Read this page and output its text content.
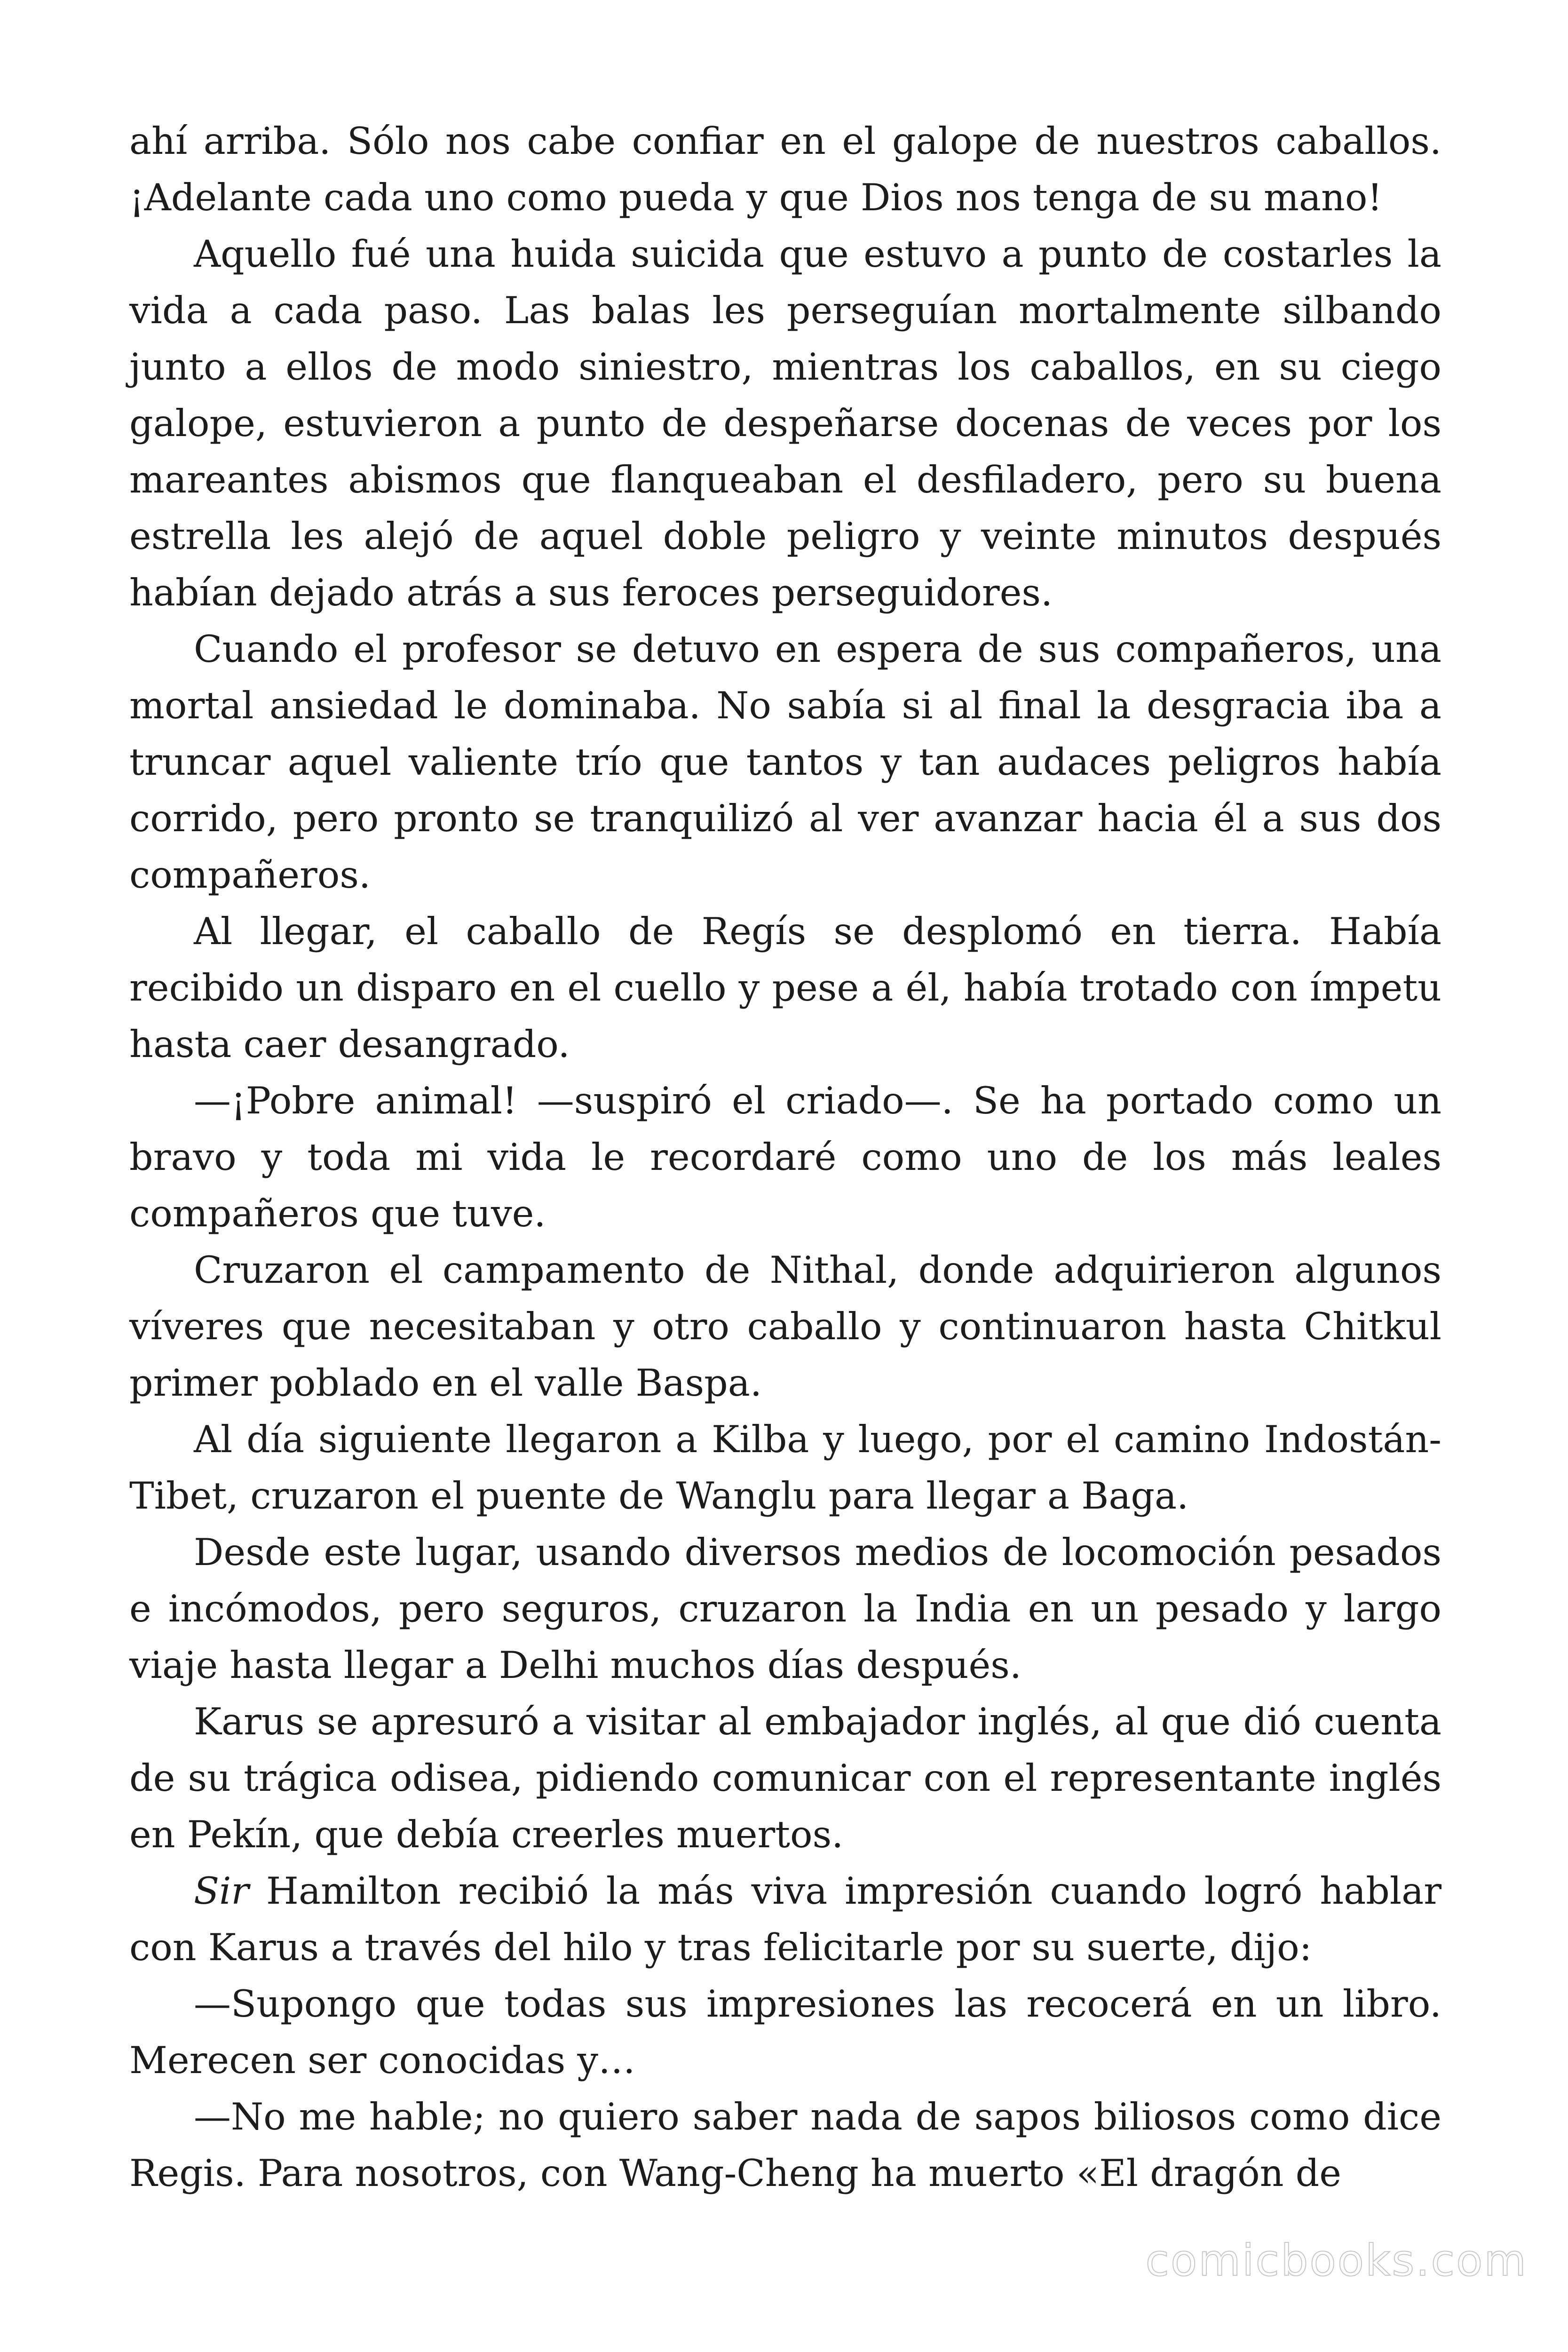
ahí arriba. Sólo nos cabe confiar en el galope de nuestros caballos. ¡Adelante cada uno como pueda y que Dios nos tenga de su mano!

Aquello fué una huida suicida que estuvo a punto de costarles la vida a cada paso. Las balas les perseguían mortalmente silbando junto a ellos de modo siniestro, mientras los caballos, en su ciego galope, estuvieron a punto de despeñarse docenas de veces por los mareantes abismos que flanqueaban el desfiladero, pero su buena estrella les alejó de aquel doble peligro y veinte minutos después habían dejado atrás a sus feroces perseguidores.

Cuando el profesor se detuvo en espera de sus compañeros, una mortal ansiedad le dominaba. No sabía si al final la desgracia iba a truncar aquel valiente trío que tantos y tan audaces peligros había corrido, pero pronto se tranquilizó al ver avanzar hacia él a sus dos compañeros.

Al llegar, el caballo de Regís se desplomó en tierra. Había recibido un disparo en el cuello y pese a él, había trotado con ímpetu hasta caer desangrado.

—¡Pobre animal! —suspiró el criado—. Se ha portado como un bravo y toda mi vida le recordaré como uno de los más leales compañeros que tuve.

Cruzaron el campamento de Nithal, donde adquirieron algunos víveres que necesitaban y otro caballo y continuaron hasta Chitkul primer poblado en el valle Baspa.

Al día siguiente llegaron a Kilba y luego, por el camino Indostán-Tibet, cruzaron el puente de Wanglu para llegar a Baga.

Desde este lugar, usando diversos medios de locomoción pesados e incómodos, pero seguros, cruzaron la India en un pesado y largo viaje hasta llegar a Delhi muchos días después.

Karus se apresuró a visitar al embajador inglés, al que dió cuenta de su trágica odisea, pidiendo comunicar con el representante inglés en Pekín, que debía creerles muertos.

Sir Hamilton recibió la más viva impresión cuando logró hablar con Karus a través del hilo y tras felicitarle por su suerte, dijo:

—Supongo que todas sus impresiones las recocerá en un libro. Merecen ser conocidas y…

—No me hable; no quiero saber nada de sapos biliosos como dice Regis. Para nosotros, con Wang-Cheng ha muerto «El dragón de

comicbooks.com
